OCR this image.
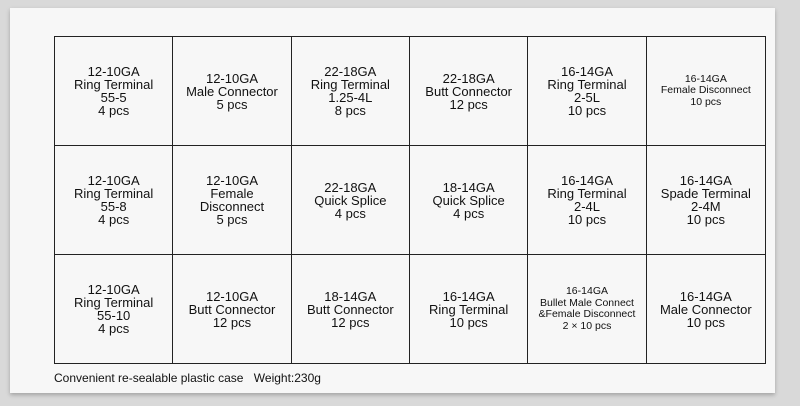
12-10GA
Ring Terminal
55-5
4 pcs
12-10GA
Male Connector
5 pcs
22-18GA
Ring Terminal
1.25-4L
8 pcs
22-18GA
Butt Connector
12 pcs
16-14GA
Ring Terminal
2-5L
10 pcs
16-14GA
Female Disconnect
10 pcs
12-10GA
Ring Terminal
55-8
4 pcs
12-10GA
Female
Disconnect
5 pcs
22-18GA
Quick Splice
4 pcs
18-14GA
Quick Splice
4 pcs
16-14GA
Ring Terminal
2-4L
10 pcs
16-14GA
Spade Terminal
2-4M
10 pcs
12-10GA
Ring Terminal
55-10
4 pcs
12-10GA
Butt Connector
12 pcs
18-14GA
Butt Connector
12 pcs
16-14GA
Ring Terminal
10 pcs
16-14GA
Bullet Male Connect
&Female Disconnect
2 × 10 pcs
16-14GA
Male Connector
10 pcs
Convenient re-sealable plastic case Weight:230g
